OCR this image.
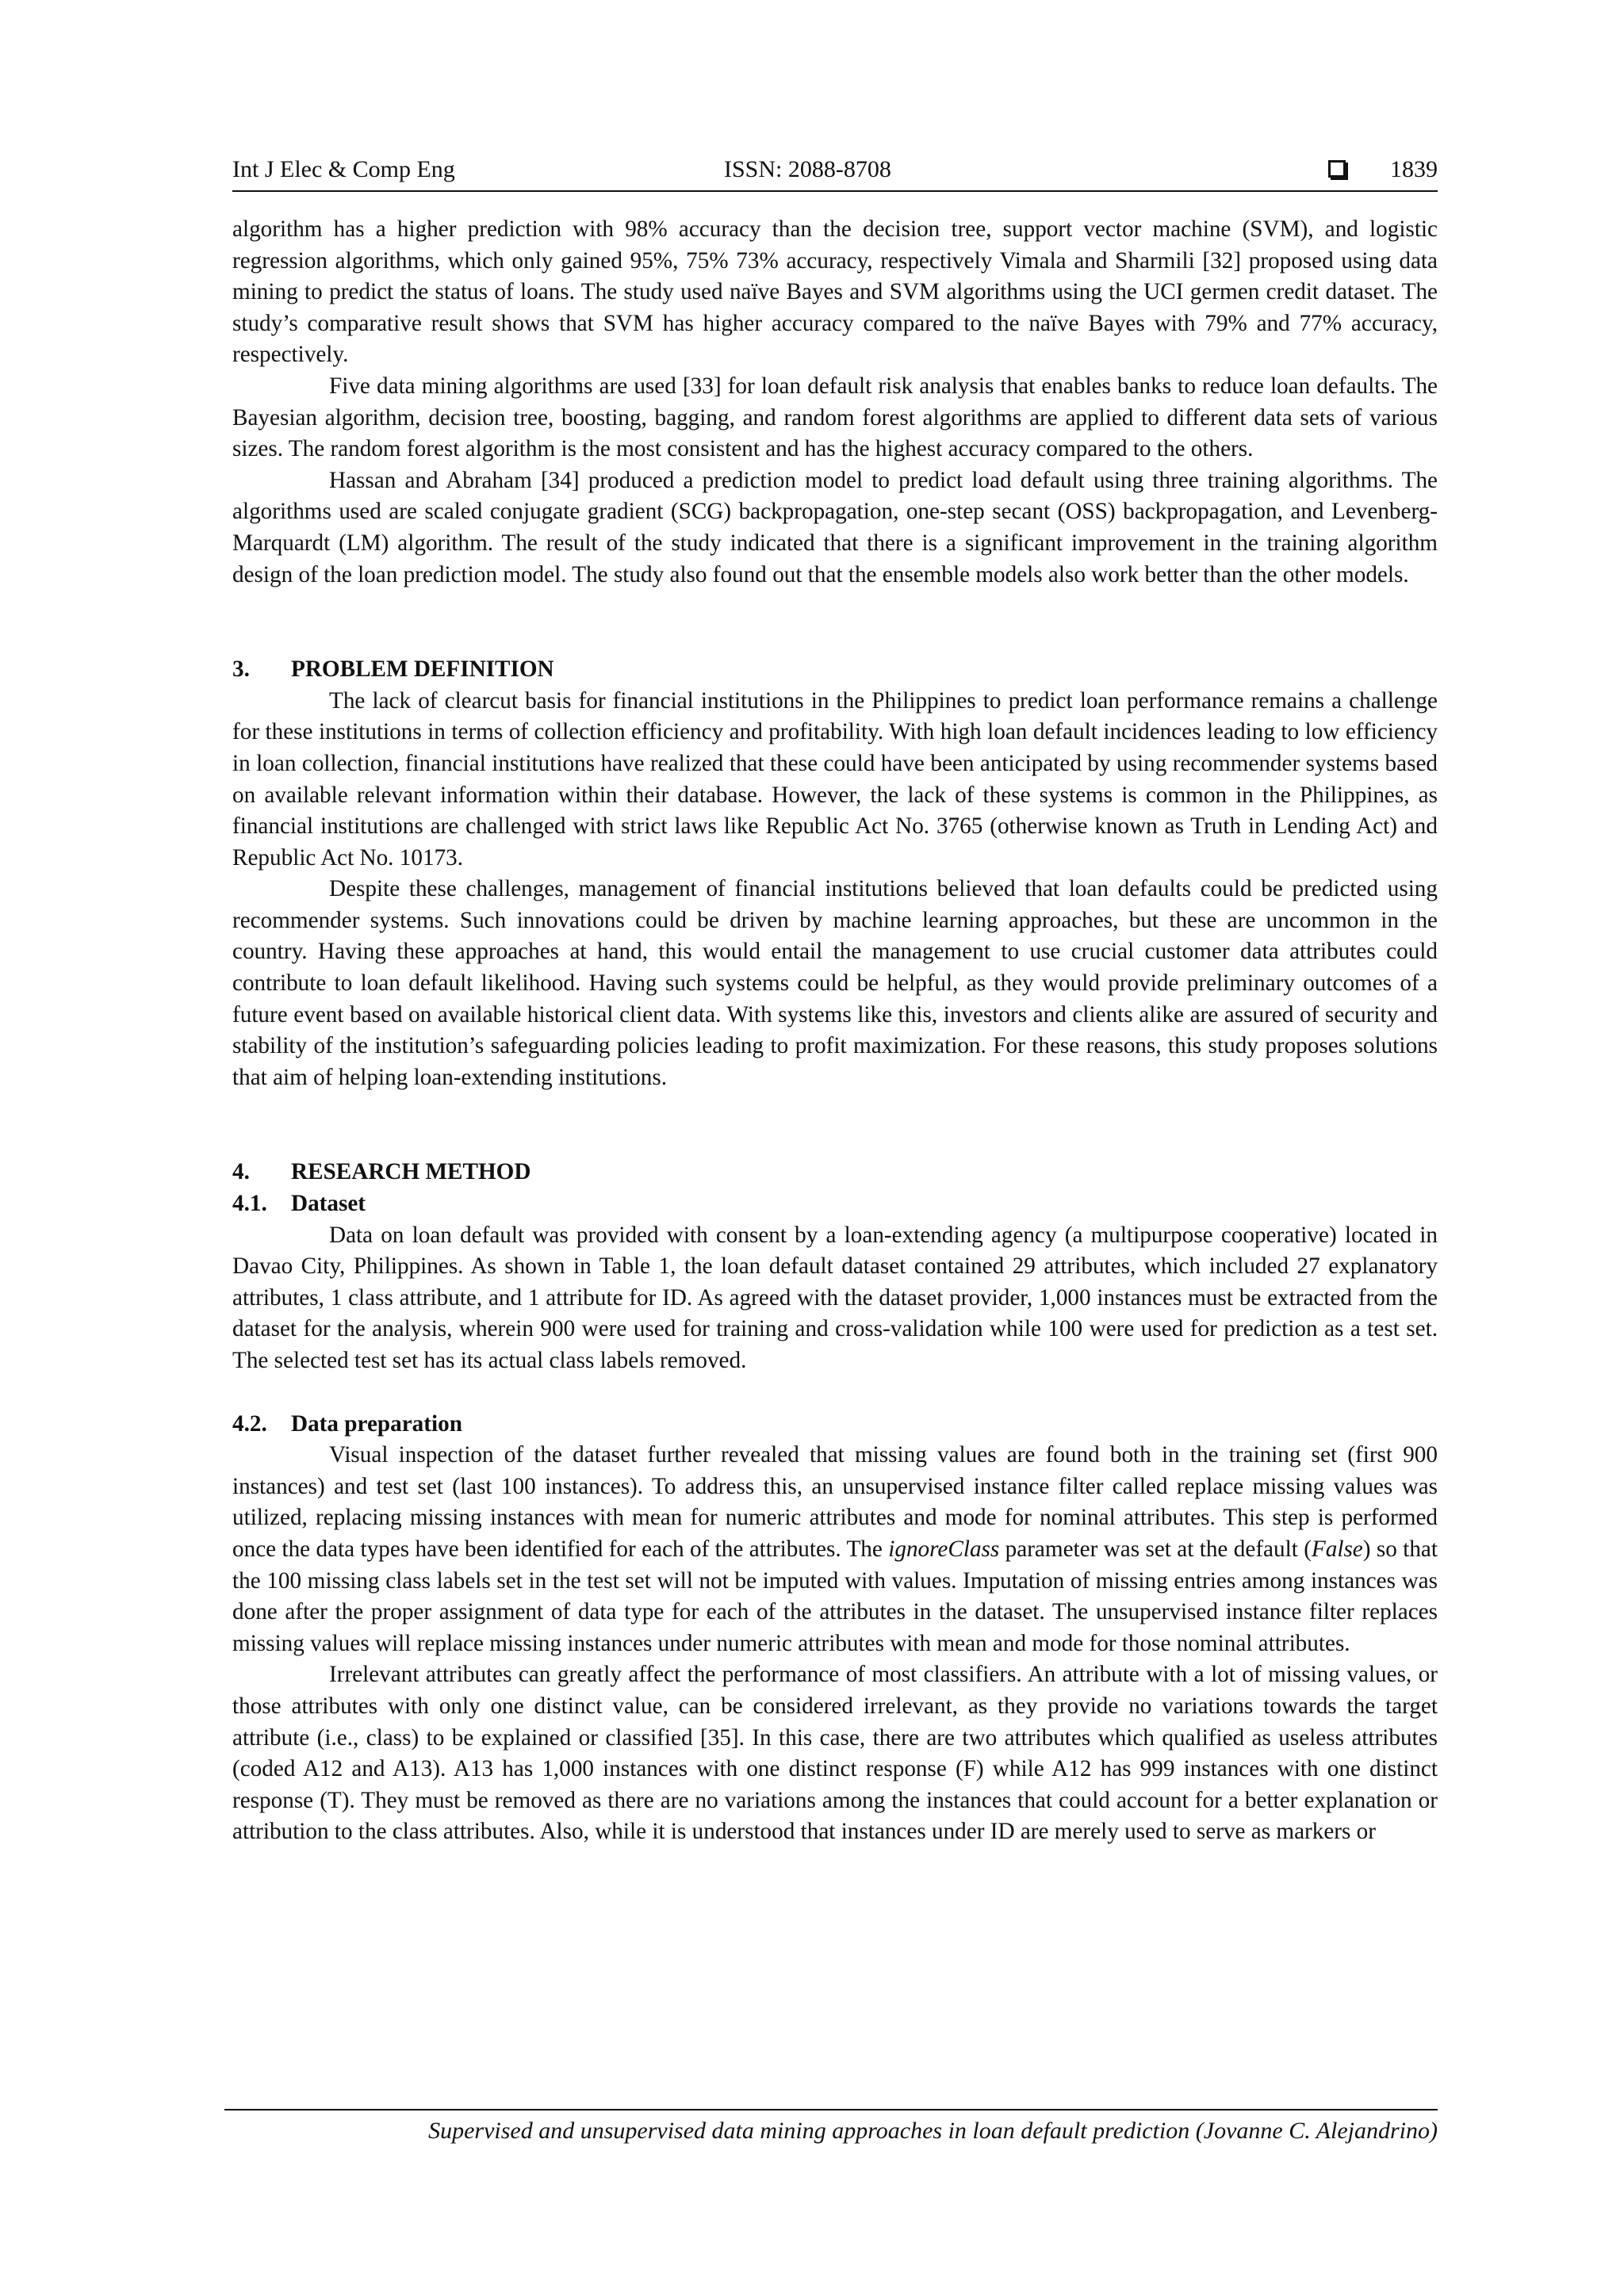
Int J Elec & Comp Eng	ISSN: 2088-8708	1839

algorithm has a higher prediction with 98% accuracy than the decision tree, support vector machine (SVM), and logistic regression algorithms, which only gained 95%, 75% 73% accuracy, respectively Vimala and Sharmili [32] proposed using data mining to predict the status of loans. The study used naïve Bayes and SVM algorithms using the UCI germen credit dataset. The study’s comparative result shows that SVM has higher accuracy compared to the naïve Bayes with 79% and 77% accuracy, respectively.

Five data mining algorithms are used [33] for loan default risk analysis that enables banks to reduce loan defaults. The Bayesian algorithm, decision tree, boosting, bagging, and random forest algorithms are applied to different data sets of various sizes. The random forest algorithm is the most consistent and has the highest accuracy compared to the others.

Hassan and Abraham [34] produced a prediction model to predict load default using three training algorithms. The algorithms used are scaled conjugate gradient (SCG) backpropagation, one-step secant (OSS) backpropagation, and Levenberg-Marquardt (LM) algorithm. The result of the study indicated that there is a significant improvement in the training algorithm design of the loan prediction model. The study also found out that the ensemble models also work better than the other models.

3. PROBLEM DEFINITION

The lack of clearcut basis for financial institutions in the Philippines to predict loan performance remains a challenge for these institutions in terms of collection efficiency and profitability. With high loan default incidences leading to low efficiency in loan collection, financial institutions have realized that these could have been anticipated by using recommender systems based on available relevant information within their database. However, the lack of these systems is common in the Philippines, as financial institutions are challenged with strict laws like Republic Act No. 3765 (otherwise known as Truth in Lending Act) and Republic Act No. 10173.

Despite these challenges, management of financial institutions believed that loan defaults could be predicted using recommender systems. Such innovations could be driven by machine learning approaches, but these are uncommon in the country. Having these approaches at hand, this would entail the management to use crucial customer data attributes could contribute to loan default likelihood. Having such systems could be helpful, as they would provide preliminary outcomes of a future event based on available historical client data. With systems like this, investors and clients alike are assured of security and stability of the institution’s safeguarding policies leading to profit maximization. For these reasons, this study proposes solutions that aim of helping loan-extending institutions.

4. RESEARCH METHOD

4.1. Dataset

Data on loan default was provided with consent by a loan-extending agency (a multipurpose cooperative) located in Davao City, Philippines. As shown in Table 1, the loan default dataset contained 29 attributes, which included 27 explanatory attributes, 1 class attribute, and 1 attribute for ID. As agreed with the dataset provider, 1,000 instances must be extracted from the dataset for the analysis, wherein 900 were used for training and cross-validation while 100 were used for prediction as a test set. The selected test set has its actual class labels removed.

4.2. Data preparation

Visual inspection of the dataset further revealed that missing values are found both in the training set (first 900 instances) and test set (last 100 instances). To address this, an unsupervised instance filter called replace missing values was utilized, replacing missing instances with mean for numeric attributes and mode for nominal attributes. This step is performed once the data types have been identified for each of the attributes. The ignoreClass parameter was set at the default (False) so that the 100 missing class labels set in the test set will not be imputed with values. Imputation of missing entries among instances was done after the proper assignment of data type for each of the attributes in the dataset. The unsupervised instance filter replaces missing values will replace missing instances under numeric attributes with mean and mode for those nominal attributes.

Irrelevant attributes can greatly affect the performance of most classifiers. An attribute with a lot of missing values, or those attributes with only one distinct value, can be considered irrelevant, as they provide no variations towards the target attribute (i.e., class) to be explained or classified [35]. In this case, there are two attributes which qualified as useless attributes (coded A12 and A13). A13 has 1,000 instances with one distinct response (F) while A12 has 999 instances with one distinct response (T). They must be removed as there are no variations among the instances that could account for a better explanation or attribution to the class attributes. Also, while it is understood that instances under ID are merely used to serve as markers or

Supervised and unsupervised data mining approaches in loan default prediction (Jovanne C. Alejandrino)
